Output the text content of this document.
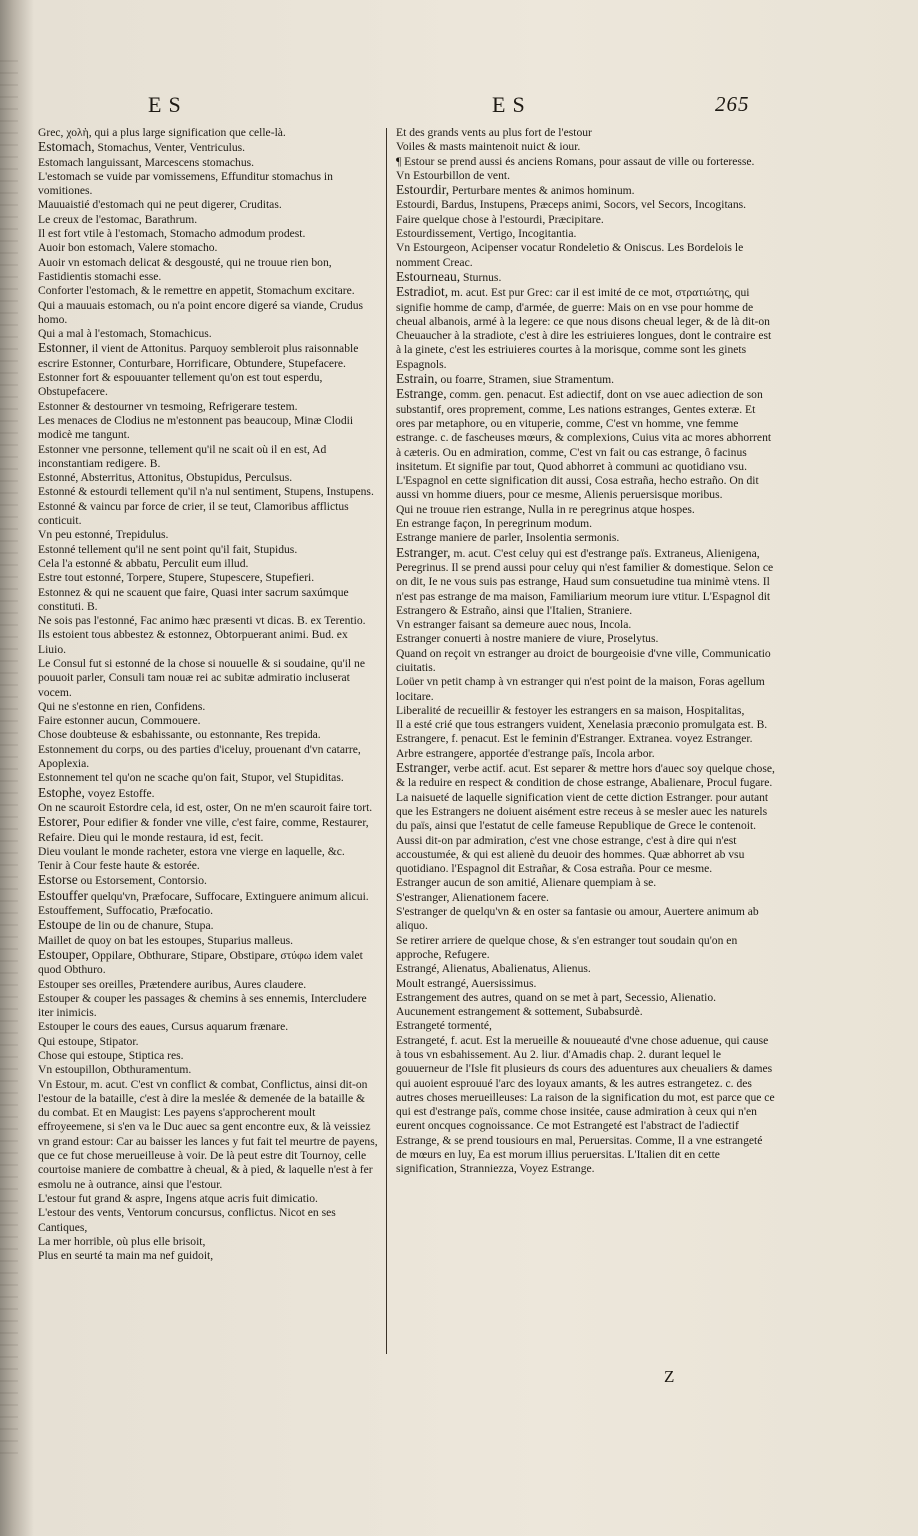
ES	ES	265

Grec, χολὴ, qui a plus large signification que celle-là.

Estomach, Stomachus, Venter, Ventriculus.

Estomach languissant, Marcescens stomachus.

L'estomach se vuide par vomissemens, Effunditur stomachus in vomitiones.

Mauuaistié d'estomach qui ne peut digerer, Cruditas.

Le creux de l'estomac, Barathrum.

Il est fort vtile à l'estomach, Stomacho admodum prodest.

Auoir bon estomach, Valere stomacho.

Auoir vn estomach delicat & desgousté, qui ne trouue rien bon, Fastidientis stomachi esse.

Conforter l'estomach, & le remettre en appetit, Stomachum excitare.

Qui a mauuais estomach, ou n'a point encore digeré sa viande, Crudus homo.

Qui a mal à l'estomach, Stomachicus.

Estonner, il vient de Attonitus. Parquoy sembleroit plus raisonnable escrire Estonner, Conturbare, Horrificare, Obtundere, Stupefacere.

Estonner fort & espouuanter tellement qu'on est tout esperdu, Obstupefacere.

Estonner & destourner vn tesmoing, Refrigerare testem.

Les menaces de Clodius ne m'estonnent pas beaucoup, Minæ Clodii modicè me tangunt.

Estonner vne personne, tellement qu'il ne scait où il en est, Ad inconstantiam redigere. B.

Estonné, Absterritus, Attonitus, Obstupidus, Perculsus.

Estonné & estourdi tellement qu'il n'a nul sentiment, Stupens, Instupens.

Estonné & vaincu par force de crier, il se teut, Clamoribus afflictus conticuit.

Vn peu estonné, Trepidulus.

Estonné tellement qu'il ne sent point qu'il fait, Stupidus.

Cela l'a estonné & abbatu, Perculit eum illud.

Estre tout estonné, Torpere, Stupere, Stupescere, Stupefieri.

Estonnez & qui ne scauent que faire, Quasi inter sacrum saxúmque constituti. B.

Ne sois pas l'estonné, Fac animo hæc præsenti vt dicas. B. ex Terentio.

Ils estoient tous abbestez & estonnez, Obtorpuerant animi. Bud. ex Liuio.

Le Consul fut si estonné de la chose si nouuelle & si soudaine, qu'il ne pouuoit parler, Consuli tam nouæ rei ac subitæ admiratio incluserat vocem.

Qui ne s'estonne en rien, Confidens.

Faire estonner aucun, Commouere.

Chose doubteuse & esbahissante, ou estonnante, Res trepida.

Estonnement du corps, ou des parties d'iceluy, prouenant d'vn catarre, Apoplexia.

Estonnement tel qu'on ne scache qu'on fait, Stupor, vel Stupiditas.

Estophe, voyez Estoffe.

On ne scauroit Estordre cela, id est, oster, On ne m'en scauroit faire tort.

Estorer, Pour edifier & fonder vne ville, c'est faire, comme, Restaurer, Refaire. Dieu qui le monde restaura, id est, fecit.

Dieu voulant le monde racheter, estora vne vierge en laquelle, &c.

Tenir à Cour feste haute & estorée.

Estorse ou Estorsement, Contorsio.

Estouffer quelqu'vn, Præfocare, Suffocare, Extinguere animum alicui.

Estouffement, Suffocatio, Præfocatio.

Estoupe de lin ou de chanure, Stupa.

Maillet de quoy on bat les estoupes, Stuparius malleus.

Estouper, Oppilare, Obthurare, Stipare, Obstipare, στύφω idem valet quod Obthuro.

Estouper ses oreilles, Prætendere auribus, Aures claudere.

Estouper & couper les passages & chemins à ses ennemis, Intercludere iter inimicis.

Estouper le cours des eaues, Cursus aquarum frænare.

Qui estoupe, Stipator.

Chose qui estoupe, Stiptica res.

Vn estoupillon, Obthuramentum.

Vn Estour, m. acut. C'est vn conflict & combat, Conflictus, ainsi dit-on l'estour de la bataille, c'est à dire la meslée & demenée de la bataille & du combat. Et en Maugist: Les payens s'approcherent moult effroyeemene, si s'en va le Duc auec sa gent encontre eux, & là veissiez vn grand estour: Car au baisser les lances y fut fait tel meurtre de payens, que ce fut chose merueilleuse à voir. De là peut estre dit Tournoy, celle courtoise maniere de combattre à cheual, & à pied, & laquelle n'est à fer esmolu ne à outrance, ainsi que l'estour.

L'estour fut grand & aspre, Ingens atque acris fuit dimicatio.

L'estour des vents, Ventorum concursus, conflictus. Nicot en ses Cantiques,

La mer horrible, où plus elle brisoit,

Plus en seurté ta main ma nef guidoit,

Et des grands vents au plus fort de l'estour

Voiles & masts maintenoit nuict & iour.

¶ Estour se prend aussi és anciens Romans, pour assaut de ville ou forteresse.

Vn Estourbillon de vent.

Estourdir, Perturbare mentes & animos hominum.

Estourdi, Bardus, Instupens, Præceps animi, Socors, vel Secors, Incogitans.

Faire quelque chose à l'estourdi, Præcipitare.

Estourdissement, Vertigo, Incogitantia.

Vn Estourgeon, Acipenser vocatur Rondeletio & Oniscus. Les Bordelois le nomment Creac.

Estourneau, Sturnus.

Estradiot, m. acut. Est pur Grec: car il est imité de ce mot, στρατιώτης, qui signifie homme de camp, d'armée, de guerre: Mais on en vse pour homme de cheual albanois, armé à la legere: ce que nous disons cheual leger, & de là dit-on Cheuaucher à la stradiote, c'est à dire les estriuieres longues, dont le contraire est à la ginete, c'est les estriuieres courtes à la morisque, comme sont les ginets Espagnols.

Estrain, ou foarre, Stramen, siue Stramentum.

Estrange, comm. gen. penacut. Est adiectif, dont on vse auec adiection de son substantif, ores proprement, comme, Les nations estranges, Gentes exteræ. Et ores par metaphore, ou en vituperie, comme, C'est vn homme, vne femme estrange. c. de fascheuses mœurs, & complexions, Cuius vita ac mores abhorrent à cæteris. Ou en admiration, comme, C'est vn fait ou cas estrange, ô facinus insitetum. Et signifie par tout, Quod abhorret à communi ac quotidiano vsu. L'Espagnol en cette signification dit aussi, Cosa estraña, hecho estraño. On dit aussi vn homme diuers, pour ce mesme, Alienis peruersisque moribus.

Qui ne trouue rien estrange, Nulla in re peregrinus atque hospes.

En estrange façon, In peregrinum modum.

Estrange maniere de parler, Insolentia sermonis.

Estranger, m. acut. C'est celuy qui est d'estrange païs. Extraneus, Alienigena, Peregrinus. Il se prend aussi pour celuy qui n'est familier & domestique. Selon ce on dit, Ie ne vous suis pas estrange, Haud sum consuetudine tua minimè vtens. Il n'est pas estrange de ma maison, Familiarium meorum iure vtitur. L'Espagnol dit Estrangero & Estraño, ainsi que l'Italien, Straniere.

Vn estranger faisant sa demeure auec nous, Incola.

Estranger conuerti à nostre maniere de viure, Proselytus.

Quand on reçoit vn estranger au droict de bourgeoisie d'vne ville, Communicatio ciuitatis.

Loüer vn petit champ à vn estranger qui n'est point de la maison, Foras agellum locitare.

Liberalité de recueillir & festoyer les estrangers en sa maison, Hospitalitas,

Il a esté crié que tous estrangers vuident, Xenelasia præconio promulgata est. B.

Estrangere, f. penacut. Est le feminin d'Estranger. Extranea. voyez Estranger.

Arbre estrangere, apportée d'estrange païs, Incola arbor.

Estranger, verbe actif. acut. Est separer & mettre hors d'auec soy quelque chose, & la reduire en respect & condition de chose estrange, Abalienare, Procul fugare. La naisueté de laquelle signification vient de cette diction Estranger. pour autant que les Estrangers ne doiuent aisément estre receus à se mesler auec les naturels du païs, ainsi que l'estatut de celle fameuse Republique de Grece le contenoit. Aussi dit-on par admiration, c'est vne chose estrange, c'est à dire qui n'est accoustumée, & qui est alienè du deuoir des hommes. Quæ abhorret ab vsu quotidiano. l'Espagnol dit Estrañar, & Cosa estraña. Pour ce mesme.

Estranger aucun de son amitié, Alienare quempiam à se.

S'estranger, Alienationem facere.

S'estranger de quelqu'vn & en oster sa fantasie ou amour, Auertere animum ab aliquo.

Se retirer arriere de quelque chose, & s'en estranger tout soudain qu'on en approche, Refugere.

Estrangé, Alienatus, Abalienatus, Alienus.

Moult estrangé, Auersissimus.

Estrangement des autres, quand on se met à part, Secessio, Alienatio.

Aucunement estrangement & sottement, Subabsurdè.

Estrangeté tormenté,

Estrangeté, f. acut. Est la merueille & nouueauté d'vne chose aduenue, qui cause à tous vn esbahissement. Au 2. liur. d'Amadis chap. 2. durant lequel le gouuerneur de l'Isle fit plusieurs ds cours des aduentures aux cheualiers & dames qui auoient esprouué l'arc des loyaux amants, & les autres estrangetez. c. des autres choses merueilleuses: La raison de la signification du mot, est parce que ce qui est d'estrange païs, comme chose insitée, cause admiration à ceux qui n'en eurent oncques cognoissance. Ce mot Estrangeté est l'abstract de l'adiectif Estrange, & se prend tousiours en mal, Peruersitas. Comme, Il a vne estrangeté de mœurs en luy, Ea est morum illius peruersitas. L'Italien dit en cette signification, Stranniezza, Voyez Estrange.

Z
